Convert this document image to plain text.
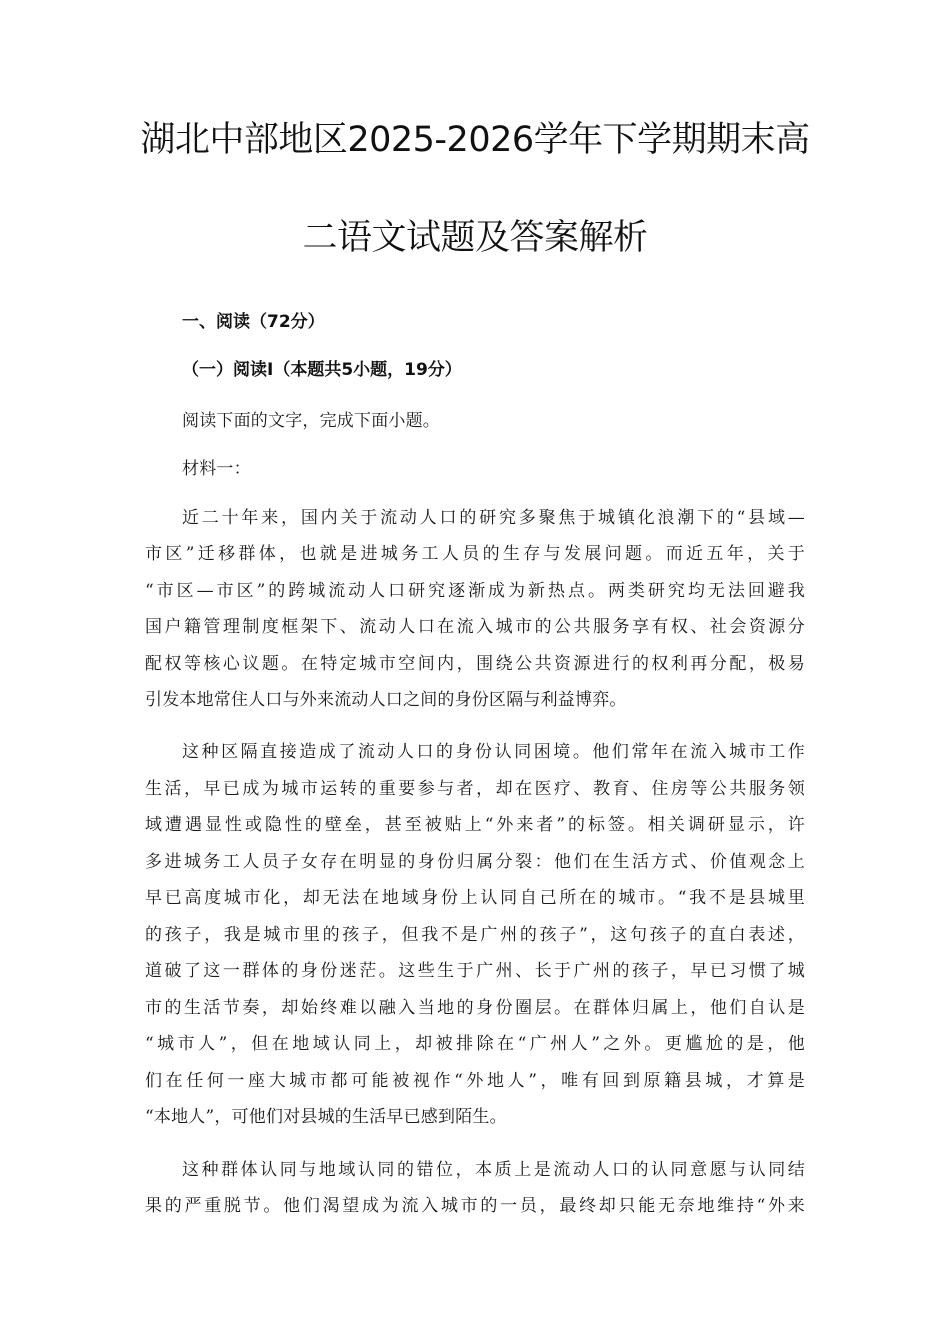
湖北中部地区2025-2026学年下学期期末高
二语文试题及答案解析
一、阅读（72分）
（一）阅读Ⅰ（本题共5小题，19分）
阅读下面的文字，完成下面小题。
材料一：
近二十年来，国内关于流动人口的研究多聚焦于城镇化浪潮下的“县域—
市区”迁移群体，也就是进城务工人员的生存与发展问题。而近五年，关于
“市区—市区”的跨城流动人口研究逐渐成为新热点。两类研究均无法回避我
国户籍管理制度框架下、流动人口在流入城市的公共服务享有权、社会资源分
配权等核心议题。在特定城市空间内，围绕公共资源进行的权利再分配，极易
引发本地常住人口与外来流动人口之间的身份区隔与利益博弈。
这种区隔直接造成了流动人口的身份认同困境。他们常年在流入城市工作
生活，早已成为城市运转的重要参与者，却在医疗、教育、住房等公共服务领
域遭遇显性或隐性的壁垒，甚至被贴上“外来者”的标签。相关调研显示，许
多进城务工人员子女存在明显的身份归属分裂：他们在生活方式、价值观念上
早已高度城市化，却无法在地域身份上认同自己所在的城市。“我不是县城里
的孩子，我是城市里的孩子，但我不是广州的孩子”，这句孩子的直白表述，
道破了这一群体的身份迷茫。这些生于广州、长于广州的孩子，早已习惯了城
市的生活节奏，却始终难以融入当地的身份圈层。在群体归属上，他们自认是
“城市人”，但在地域认同上，却被排除在“广州人”之外。更尴尬的是，他
们在任何一座大城市都可能被视作“外地人”，唯有回到原籍县城，才算是
“本地人”，可他们对县城的生活早已感到陌生。
这种群体认同与地域认同的错位，本质上是流动人口的认同意愿与认同结
果的严重脱节。他们渴望成为流入城市的一员，最终却只能无奈地维持“外来
